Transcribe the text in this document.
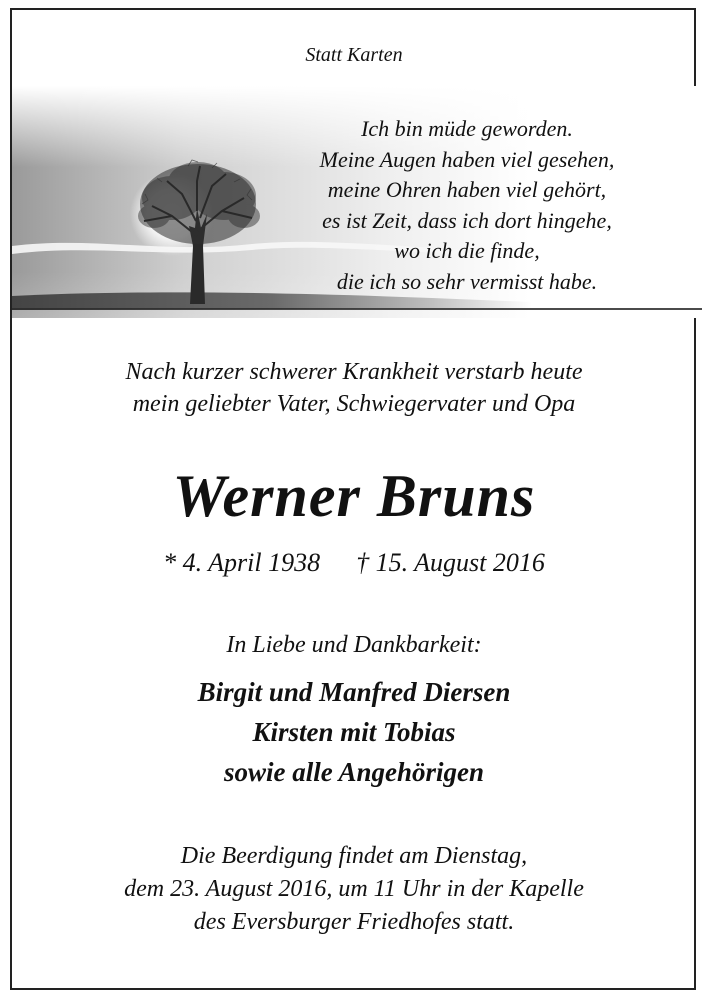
Statt Karten
Ich bin müde geworden.
Meine Augen haben viel gesehen,
meine Ohren haben viel gehört,
es ist Zeit, dass ich dort hingehe,
wo ich die finde,
die ich so sehr vermisst habe.
Nach kurzer schwerer Krankheit verstarb heute
mein geliebter Vater, Schwiegervater und Opa
Werner Bruns
* 4. April 1938 † 15. August 2016
In Liebe und Dankbarkeit:
Birgit und Manfred Diersen
Kirsten mit Tobias
sowie alle Angehörigen
Die Beerdigung findet am Dienstag,
dem 23. August 2016, um 11 Uhr in der Kapelle
des Eversburger Friedhofes statt.
